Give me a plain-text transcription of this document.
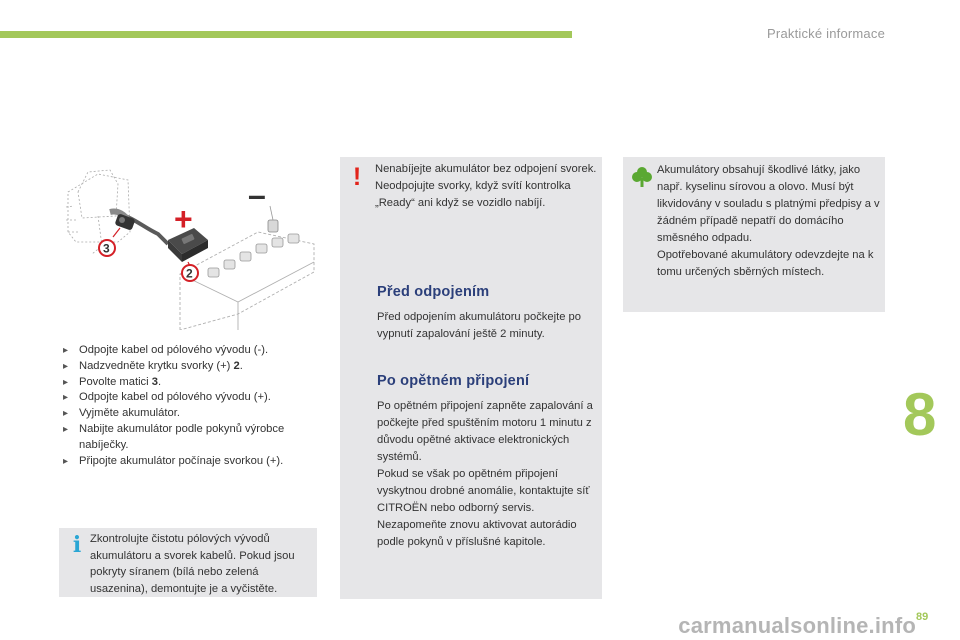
Praktické informace
+
–
3
2
▸ Odpojte kabel od pólového vývodu (-).
▸ Nadzvedněte krytku svorky (+) 2.
▸ Povolte matici 3.
▸ Odpojte kabel od pólového vývodu (+).
▸ Vyjměte akumulátor.
▸ Nabijte akumulátor podle pokynů výrobce nabíječky.
▸ Připojte akumulátor počínaje svorkou (+).
i Zkontrolujte čistotu pólových vývodů akumulátoru a svorek kabelů. Pokud jsou pokryty síranem (bílá nebo zelená usazenina), demontujte je a vyčistěte.

! Nenabíjejte akumulátor bez odpojení svorek.

Neodpojujte svorky, když svítí kontrolka „Ready“ ani když se vozidlo nabíjí.

Před odpojením

Před odpojením akumulátoru počkejte po vypnutí zapalování ještě 2 minuty.

Po opětném připojení

Po opětném připojení zapněte zapalování a počkejte před spuštěním motoru 1 minutu z důvodu opětné aktivace elektronických systémů.

Pokud se však po opětném připojení vyskytnou drobné anomálie, kontaktujte síť CITROËN nebo odborný servis.

Nezapomeňte znovu aktivovat autorádio podle pokynů v příslušné kapitole.

Akumulátory obsahují škodlivé látky, jako např. kyselinu sírovou a olovo. Musí být likvidovány v souladu s platnými předpisy a v žádném případě nepatří do domácího směsného odpadu.

Opotřebované akumulátory odevzdejte na k tomu určených sběrných místech.

8
89
carmanualsonline.info
